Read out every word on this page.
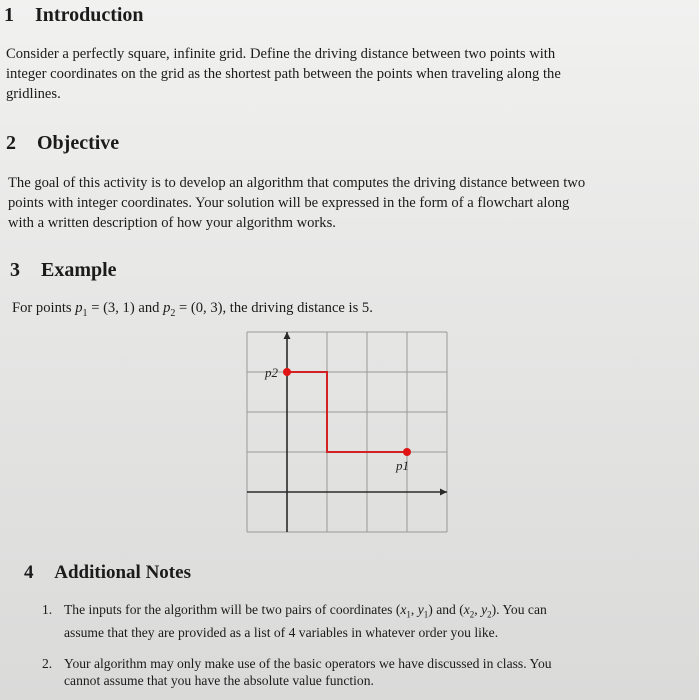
1 Introduction
Consider a perfectly square, infinite grid. Define the driving distance between two points with
integer coordinates on the grid as the shortest path between the points when traveling along the
gridlines.
2 Objective
The goal of this activity is to develop an algorithm that computes the driving distance between two
points with integer coordinates. Your solution will be expressed in the form of a flowchart along
with a written description of how your algorithm works.
3 Example
For points $p_1 = (3$, 1) and $p_2 = (0$, 3), the driving distance is 5.
p1
p2
4 Additional Notes
1. The inputs for the algorithm will be two pairs of coordinates ($x_1$, $y_1$) and ($x_2$, $y_2$). You can
assume that they are provided as a list of 4 variables in whatever order you like.
2. Your algorithm may only make use of the basic operators we have discussed in class. You
cannot assume that you have the absolute value function.
